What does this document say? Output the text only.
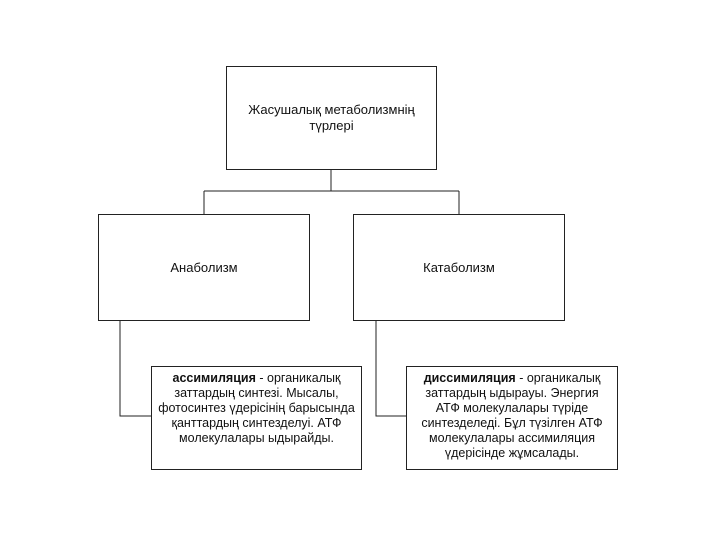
Жасушалық метаболизмнің түрлері
Анаболизм	Катаболизм
ассимиляция - органикалық заттардың синтезі. Мысалы, фотосинтез үдерісінің барысында қанттардың синтезделуі. АТФ молекулалары ыдырайды.
диссимиляция - органикалық заттардың ыдырауы. Энергия АТФ молекулалары түріде синтезделеді. Бұл түзілген АТФ молекулалары ассимиляция үдерісінде жұмсалады.
